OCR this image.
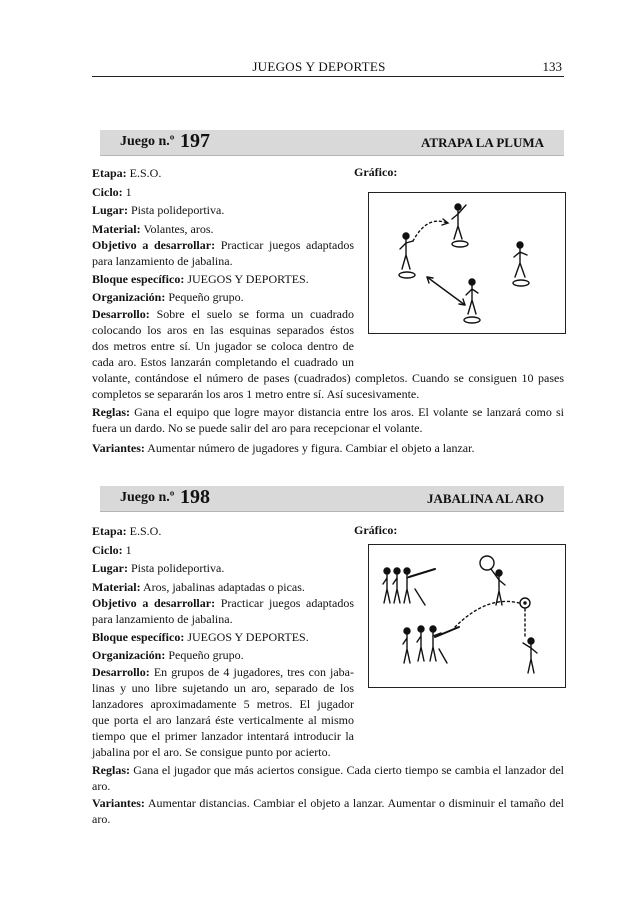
JUEGOS Y DEPORTES	133
Juego n.º 197	ATRAPA LA PLUMA
Etapa: E.S.O.	Gráfico:
Ciclo: 1
Lugar: Pista polideportiva.
Material: Volantes, aros.
Objetivo a desarrollar: Practicar juegos adaptados
para lanzamiento de jabalina.
Bloque específico: JUEGOS Y DEPORTES.
Organización: Pequeño grupo.
Desarrollo: Sobre el suelo se forma un cuadrado
colocando los aros en las esquinas separados éstos
dos metros entre sí. Un jugador se coloca dentro de
cada aro. Estos lanzarán completando el cuadrado un
volante, contándose el número de pases (cuadrados) completos. Cuando se consiguen 10 pases
completos se separarán los aros 1 metro entre sí. Así sucesivamente.
Reglas: Gana el equipo que logre mayor distancia entre los aros. El volante se lanzará como si
fuera un dardo. No se puede salir del aro para recepcionar el volante.
Variantes: Aumentar número de jugadores y figura. Cambiar el objeto a lanzar.
Juego n.º 198	JABALINA AL ARO
Etapa: E.S.O.	Gráfico:
Ciclo: 1
Lugar: Pista polideportiva.
Material: Aros, jabalinas adaptadas o picas.
Objetivo a desarrollar: Practicar juegos adaptados
para lanzamiento de jabalina.
Bloque específico: JUEGOS Y DEPORTES.
Organización: Pequeño grupo.
Desarrollo: En grupos de 4 jugadores, tres con jaba-
linas y uno libre sujetando un aro, separado de los
lanzadores aproximadamente 5 metros. El jugador
que porta el aro lanzará éste verticalmente al mismo
tiempo que el primer lanzador intentará introducir la
jabalina por el aro. Se consigue punto por acierto.
Reglas: Gana el jugador que más aciertos consigue. Cada cierto tiempo se cambia el lanzador del
aro.
Variantes: Aumentar distancias. Cambiar el objeto a lanzar. Aumentar o disminuir el tamaño del
aro.
